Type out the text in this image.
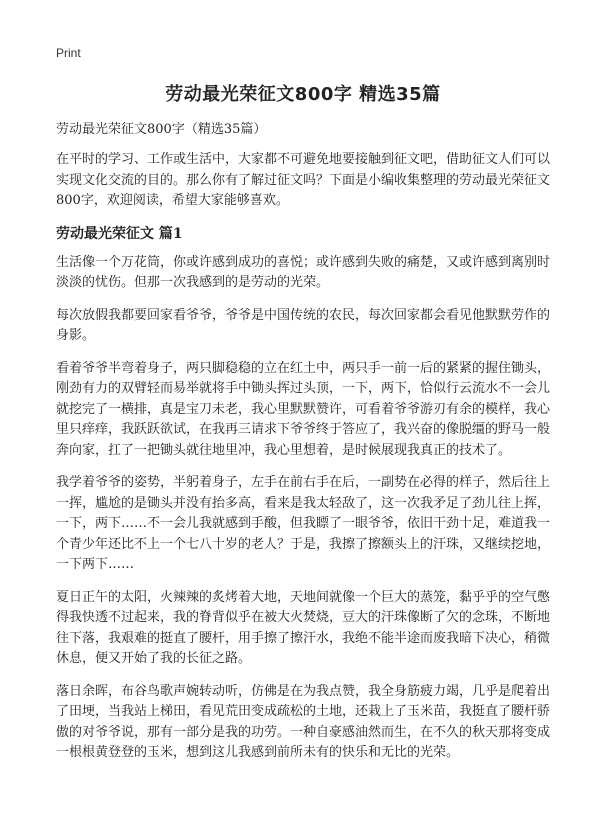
Print
劳动最光荣征文800字 精选35篇
劳动最光荣征文800字（精选35篇）

在平时的学习、工作或生活中，大家都不可避免地要接触到征文吧，借助征文人们可以实现文化交流的目的。那么你有了解过征文吗？下面是小编收集整理的劳动最光荣征文800字，欢迎阅读，希望大家能够喜欢。

劳动最光荣征文 篇1

生活像一个万花筒，你或许感到成功的喜悦；或许感到失败的痛楚，又或许感到离别时淡淡的忧伤。但那一次我感到的是劳动的光荣。

每次放假我都要回家看爷爷，爷爷是中国传统的农民，每次回家都会看见他默默劳作的身影。

看着爷爷半弯着身子，两只脚稳稳的立在红土中，两只手一前一后的紧紧的握住锄头，刚劲有力的双臂轻而易举就将手中锄头挥过头顶，一下，两下，恰似行云流水不一会儿就挖完了一横排，真是宝刀未老，我心里默默赞许，可看着爷爷游刃有余的模样，我心里只痒痒，我跃跃欲试，在我再三请求下爷爷终于答应了，我兴奋的像脱缰的野马一般奔向家，扛了一把锄头就往地里冲，我心里想着，是时候展现我真正的技术了。

我学着爷爷的姿势，半躬着身子，左手在前右手在后，一副势在必得的样子，然后往上一挥，尴尬的是锄头并没有抬多高，看来是我太轻敌了，这一次我矛足了劲儿往上挥，一下，两下……不一会儿我就感到手酸，但我瞟了一眼爷爷，依旧干劲十足，难道我一个青少年还比不上一个七八十岁的老人？于是，我擦了擦额头上的汗珠，又继续挖地，一下两下……

夏日正午的太阳，火辣辣的炙烤着大地，天地间就像一个巨大的蒸笼，黏乎乎的空气憋得我快透不过起来，我的脊背似乎在被大火焚烧，豆大的汗珠像断了欠的念珠，不断地往下落，我艰难的挺直了腰杆，用手擦了擦汗水，我绝不能半途而废我暗下决心，稍微休息，便又开始了我的长征之路。

落日余晖，布谷鸟歌声婉转动听，仿佛是在为我点赞，我全身筋疲力竭，几乎是爬着出了田埂，当我站上梯田，看见荒田变成疏松的土地，还栽上了玉米苗，我挺直了腰杆骄傲的对爷爷说，那有一部分是我的功劳。一种自豪感油然而生，在不久的秋天那将变成一根根黄登登的玉米，想到这儿我感到前所未有的快乐和无比的光荣。
